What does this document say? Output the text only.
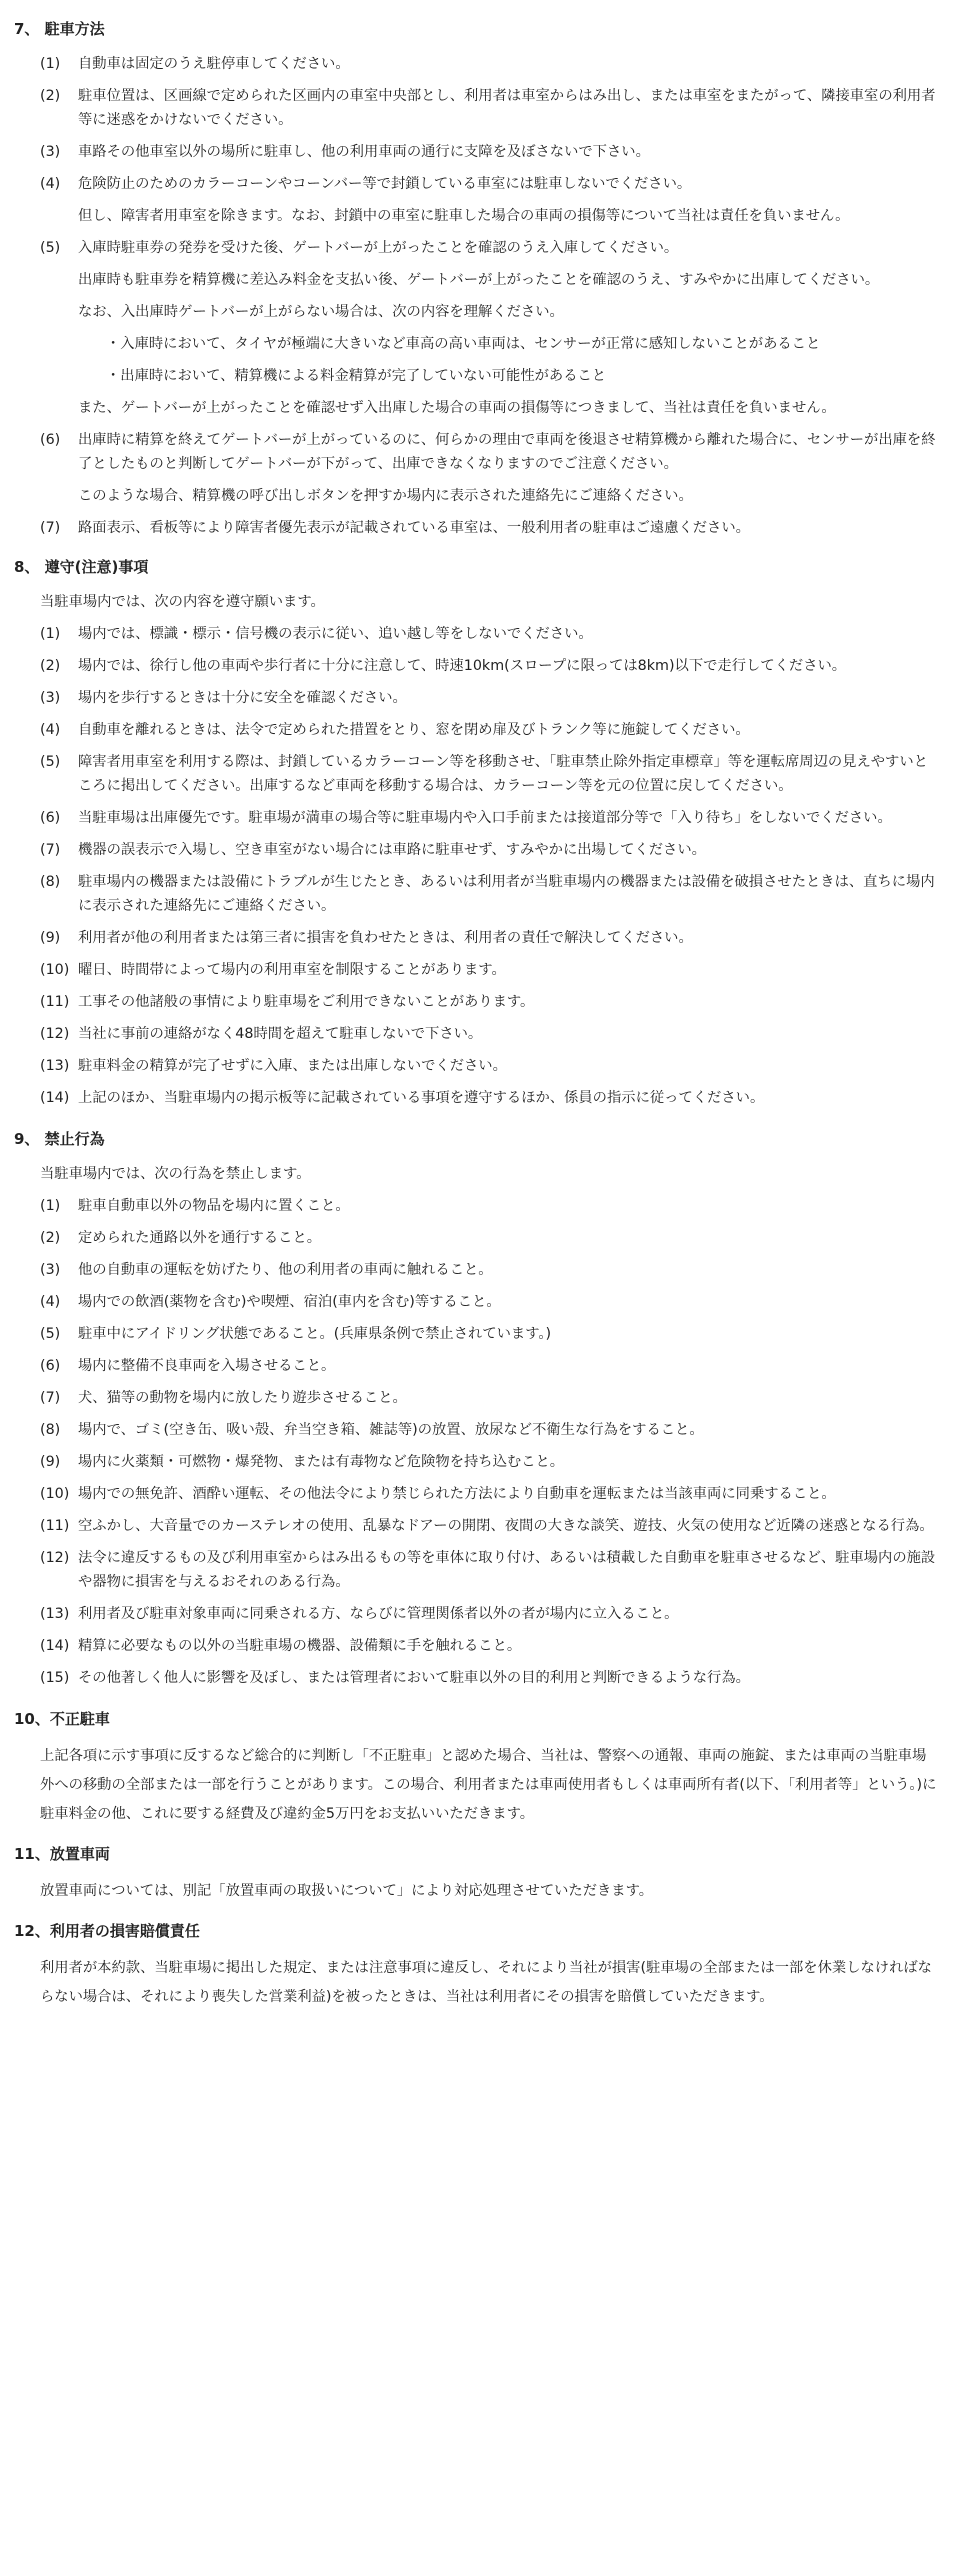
7、 駐車方法
(1)	自動車は固定のうえ駐停車してください。
(2)	駐車位置は、区画線で定められた区画内の車室中央部とし、利用者は車室からはみ出し、または車室をまたがって、隣接車室の利用者等に迷惑をかけないでください。
(3)	車路その他車室以外の場所に駐車し、他の利用車両の通行に支障を及ぼさないで下さい。
(4)	危険防止のためのカラーコーンやコーンバー等で封鎖している車室には駐車しないでください。
但し、障害者用車室を除きます。なお、封鎖中の車室に駐車した場合の車両の損傷等について当社は責任を負いません。
(5)	入庫時駐車券の発券を受けた後、ゲートバーが上がったことを確認のうえ入庫してください。
出庫時も駐車券を精算機に差込み料金を支払い後、ゲートバーが上がったことを確認のうえ、すみやかに出庫してください。
なお、入出庫時ゲートバーが上がらない場合は、次の内容を理解ください。
・入庫時において、タイヤが極端に大きいなど車高の高い車両は、センサーが正常に感知しないことがあること
・出庫時において、精算機による料金精算が完了していない可能性があること
また、ゲートバーが上がったことを確認せず入出庫した場合の車両の損傷等につきまして、当社は責任を負いません。
(6)	出庫時に精算を終えてゲートバーが上がっているのに、何らかの理由で車両を後退させ精算機から離れた場合に、センサーが出庫を終了としたものと判断してゲートバーが下がって、出庫できなくなりますのでご注意ください。
このような場合、精算機の呼び出しボタンを押すか場内に表示された連絡先にご連絡ください。
(7)	路面表示、看板等により障害者優先表示が記載されている車室は、一般利用者の駐車はご遠慮ください。
8、 遵守(注意)事項
当駐車場内では、次の内容を遵守願います。
(1)	場内では、標識・標示・信号機の表示に従い、追い越し等をしないでください。
(2)	場内では、徐行し他の車両や歩行者に十分に注意して、時速10km(スロープに限っては8km)以下で走行してください。
(3)	場内を歩行するときは十分に安全を確認ください。
(4)	自動車を離れるときは、法令で定められた措置をとり、窓を閉め扉及びトランク等に施錠してください。
(5)	障害者用車室を利用する際は、封鎖しているカラーコーン等を移動させ、「駐車禁止除外指定車標章」等を運転席周辺の見えやすいところに掲出してください。出庫するなど車両を移動する場合は、カラーコーン等を元の位置に戻してください。
(6)	当駐車場は出庫優先です。駐車場が満車の場合等に駐車場内や入口手前または接道部分等で「入り待ち」をしないでください。
(7)	機器の誤表示で入場し、空き車室がない場合には車路に駐車せず、すみやかに出場してください。
(8)	駐車場内の機器または設備にトラブルが生じたとき、あるいは利用者が当駐車場内の機器または設備を破損させたときは、直ちに場内に表示された連絡先にご連絡ください。
(9)	利用者が他の利用者または第三者に損害を負わせたときは、利用者の責任で解決してください。
(10) 曜日、時間帯によって場内の利用車室を制限することがあります。
(11) 工事その他諸般の事情により駐車場をご利用できないことがあります。
(12) 当社に事前の連絡がなく48時間を超えて駐車しないで下さい。
(13) 駐車料金の精算が完了せずに入庫、または出庫しないでください。
(14) 上記のほか、当駐車場内の掲示板等に記載されている事項を遵守するほか、係員の指示に従ってください。
9、 禁止行為
当駐車場内では、次の行為を禁止します。
(1)	駐車自動車以外の物品を場内に置くこと。
(2)	定められた通路以外を通行すること。
(3)	他の自動車の運転を妨げたり、他の利用者の車両に触れること。
(4)	場内での飲酒(薬物を含む)や喫煙、宿泊(車内を含む)等すること。
(5)	駐車中にアイドリング状態であること。(兵庫県条例で禁止されています。)
(6)	場内に整備不良車両を入場させること。
(7)	犬、猫等の動物を場内に放したり遊歩させること。
(8)	場内で、ゴミ(空き缶、吸い殻、弁当空き箱、雑誌等)の放置、放尿など不衛生な行為をすること。
(9)	場内に火薬類・可燃物・爆発物、または有毒物など危険物を持ち込むこと。
(10) 場内での無免許、酒酔い運転、その他法令により禁じられた方法により自動車を運転または当該車両に同乗すること。
(11) 空ふかし、大音量でのカーステレオの使用、乱暴なドアーの開閉、夜間の大きな談笑、遊技、火気の使用など近隣の迷惑となる行為。
(12) 法令に違反するもの及び利用車室からはみ出るもの等を車体に取り付け、あるいは積載した自動車を駐車させるなど、駐車場内の施設や器物に損害を与えるおそれのある行為。
(13) 利用者及び駐車対象車両に同乗される方、ならびに管理関係者以外の者が場内に立入ること。
(14) 精算に必要なもの以外の当駐車場の機器、設備類に手を触れること。
(15) その他著しく他人に影響を及ぼし、または管理者において駐車以外の目的利用と判断できるような行為。
10、不正駐車
上記各項に示す事項に反するなど総合的に判断し「不正駐車」と認めた場合、当社は、警察への通報、車両の施錠、または車両の当駐車場外への移動の全部または一部を行うことがあります。この場合、利用者または車両使用者もしくは車両所有者(以下、「利用者等」という。)に駐車料金の他、これに要する経費及び違約金5万円をお支払いいただきます。
11、放置車両
放置車両については、別記「放置車両の取扱いについて」により対応処理させていただきます。
12、利用者の損害賠償責任
利用者が本約款、当駐車場に掲出した規定、または注意事項に違反し、それにより当社が損害(駐車場の全部または一部を休業しなければならない場合は、それにより喪失した営業利益)を被ったときは、当社は利用者にその損害を賠償していただきます。
